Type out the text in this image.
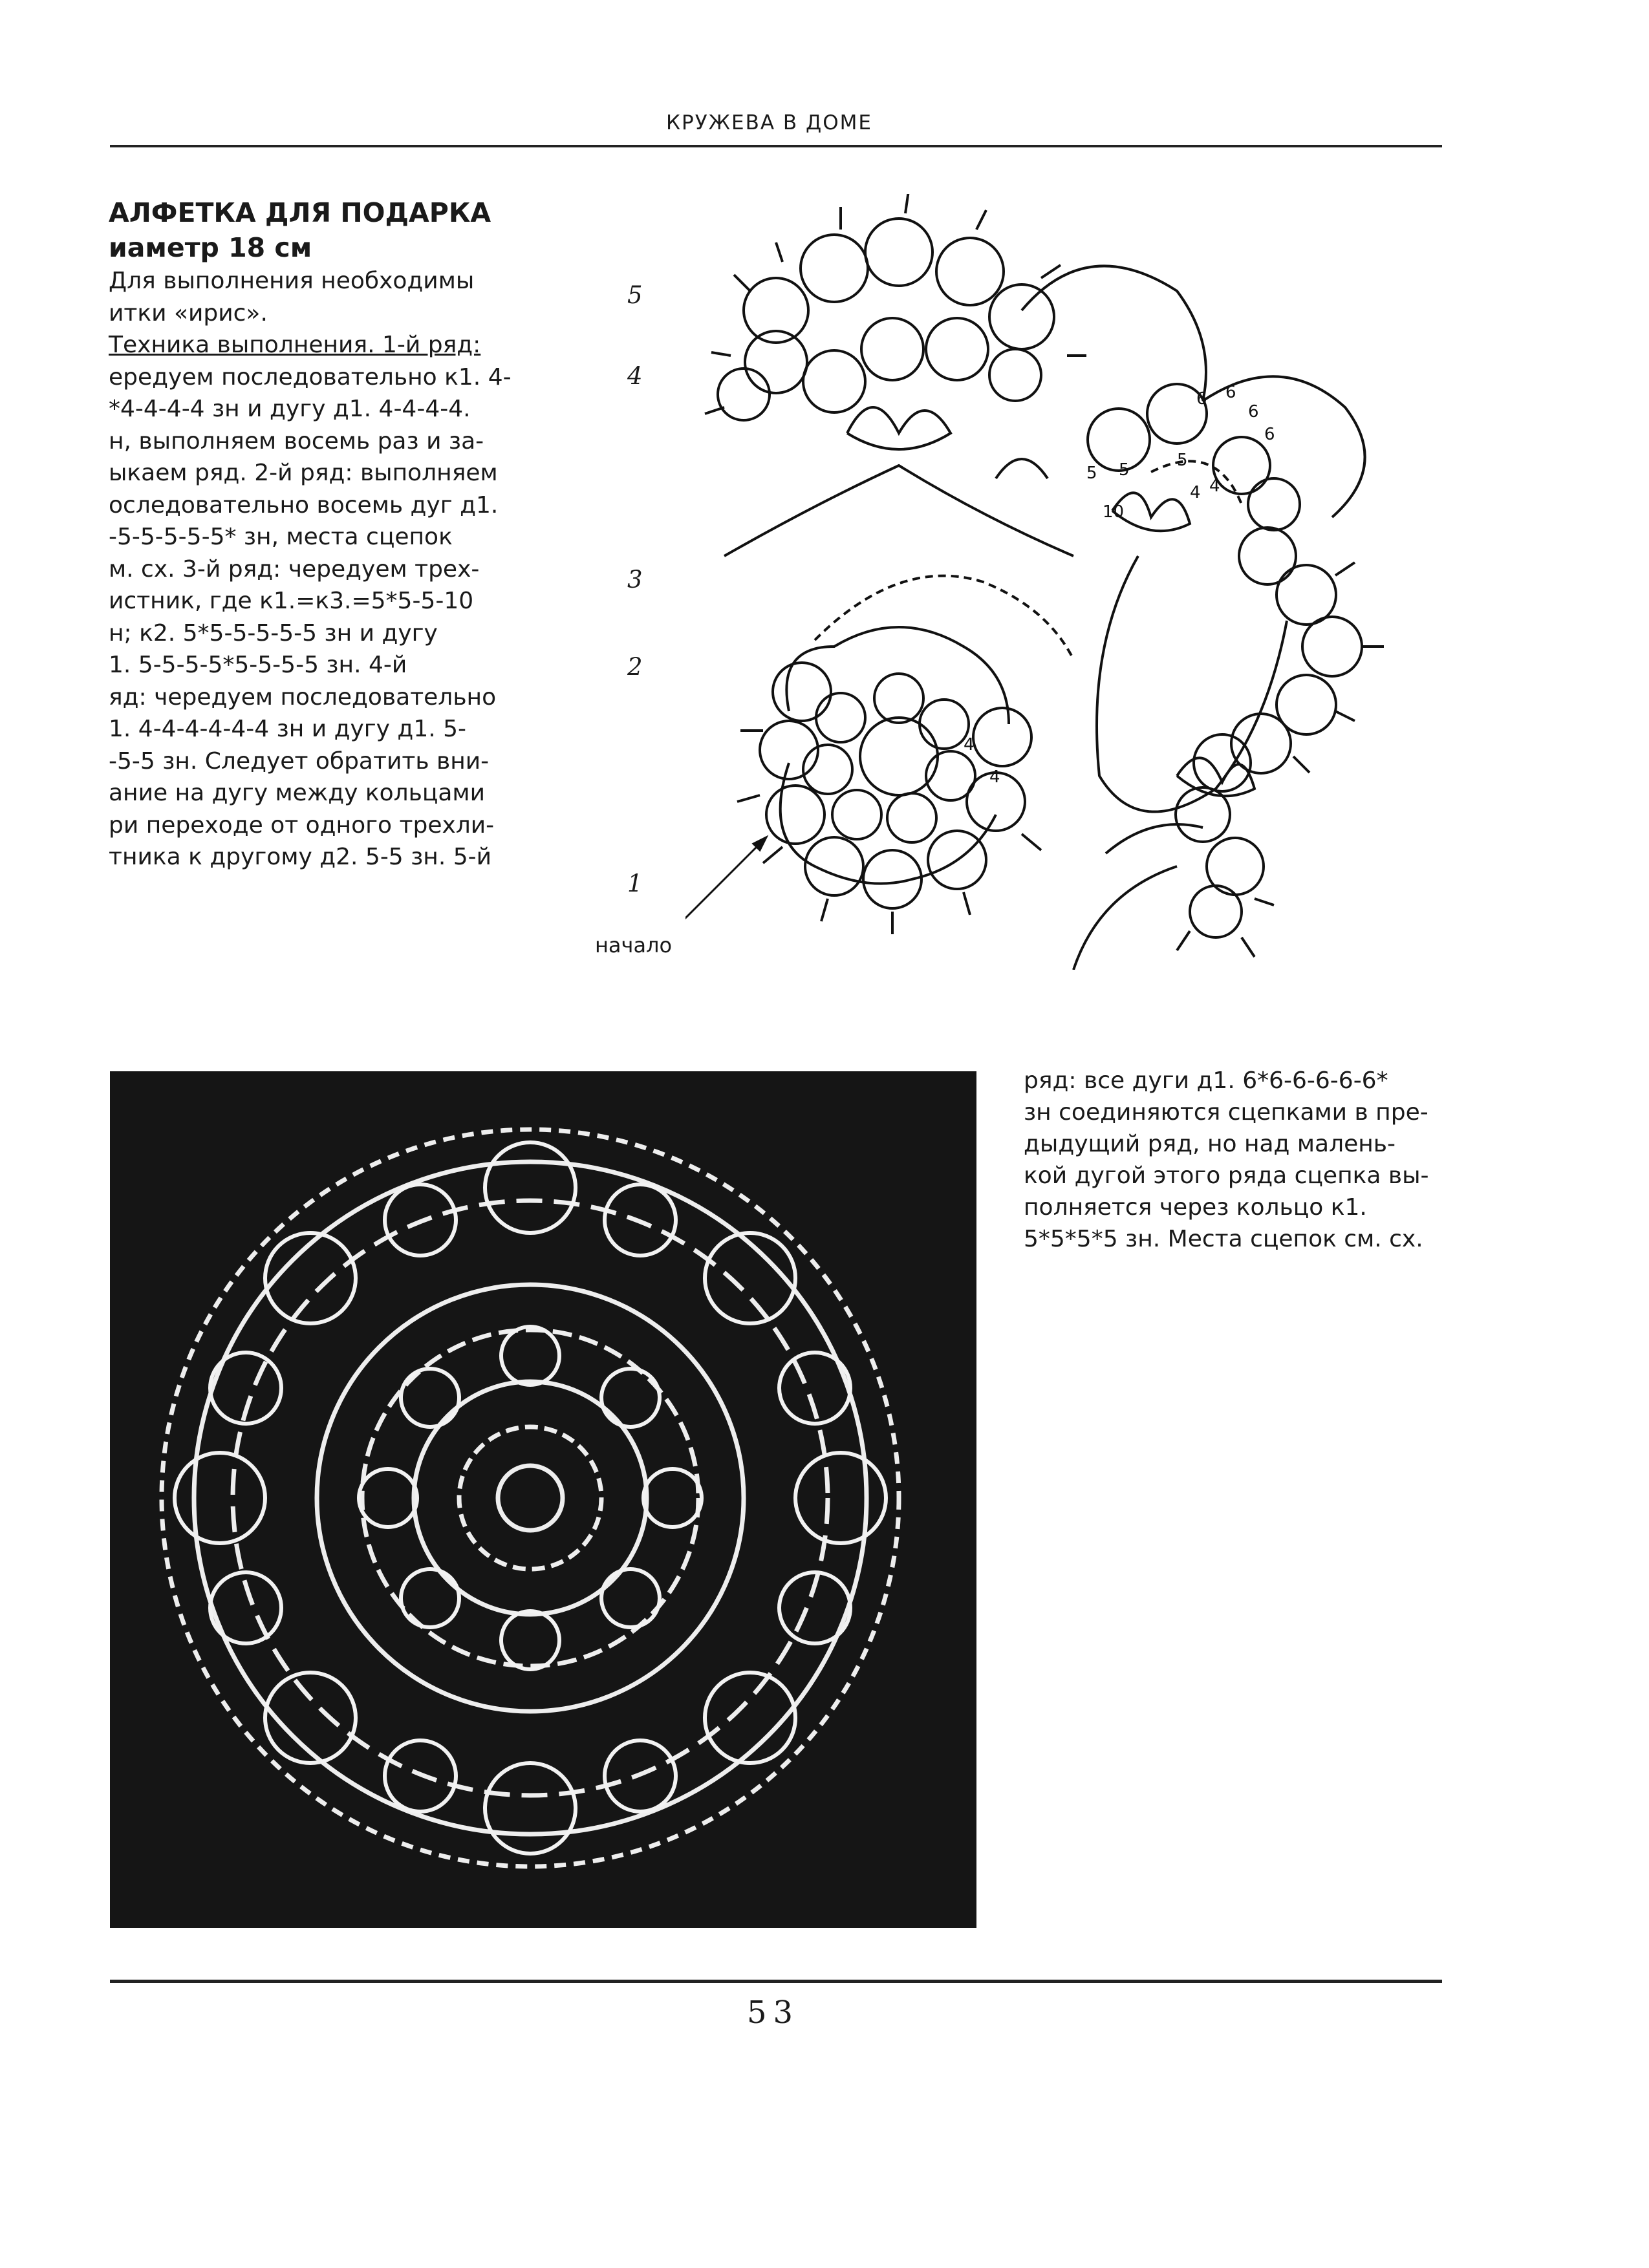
КРУЖЕВА В ДОМЕ
АЛФЕТКА ДЛЯ ПОДАРКА
иаметр 18 см

Для выполнения необходимы

итки «ирис».

Техника выполнения. 1-й ряд:

ередуем последовательно к1. 4-

*4-4-4-4 зн и дугу д1. 4-4-4-4.

н, выполняем восемь раз и за-

ыкаем ряд. 2-й ряд: выполняем

оследовательно восемь дуг д1.

-5-5-5-5-5* зн, места сцепок

м. сх. 3-й ряд: чередуем трех-

истник, где к1.=к3.=5*5-5-10

н; к2. 5*5-5-5-5-5 зн и дугу

1. 5-5-5-5*5-5-5-5 зн. 4-й

яд: чередуем последовательно

1. 4-4-4-4-4-4 зн и дугу д1. 5-

-5-5 зн. Следует обратить вни-

ание на дугу между кольцами

ри переходе от одного трехли-

тника к другому д2. 5-5 зн. 5-й

5
4
3
2
1
начало
6 6
6
6
5 5	5
4 4
4
4
10

ряд: все дуги д1. 6*6-6-6-6-6*

зн соединяются сцепками в пре-

дыдущий ряд, но над малень-

кой дугой этого ряда сцепка вы-

полняется через кольцо к1.

5*5*5*5 зн. Места сцепок см. сх.

53
